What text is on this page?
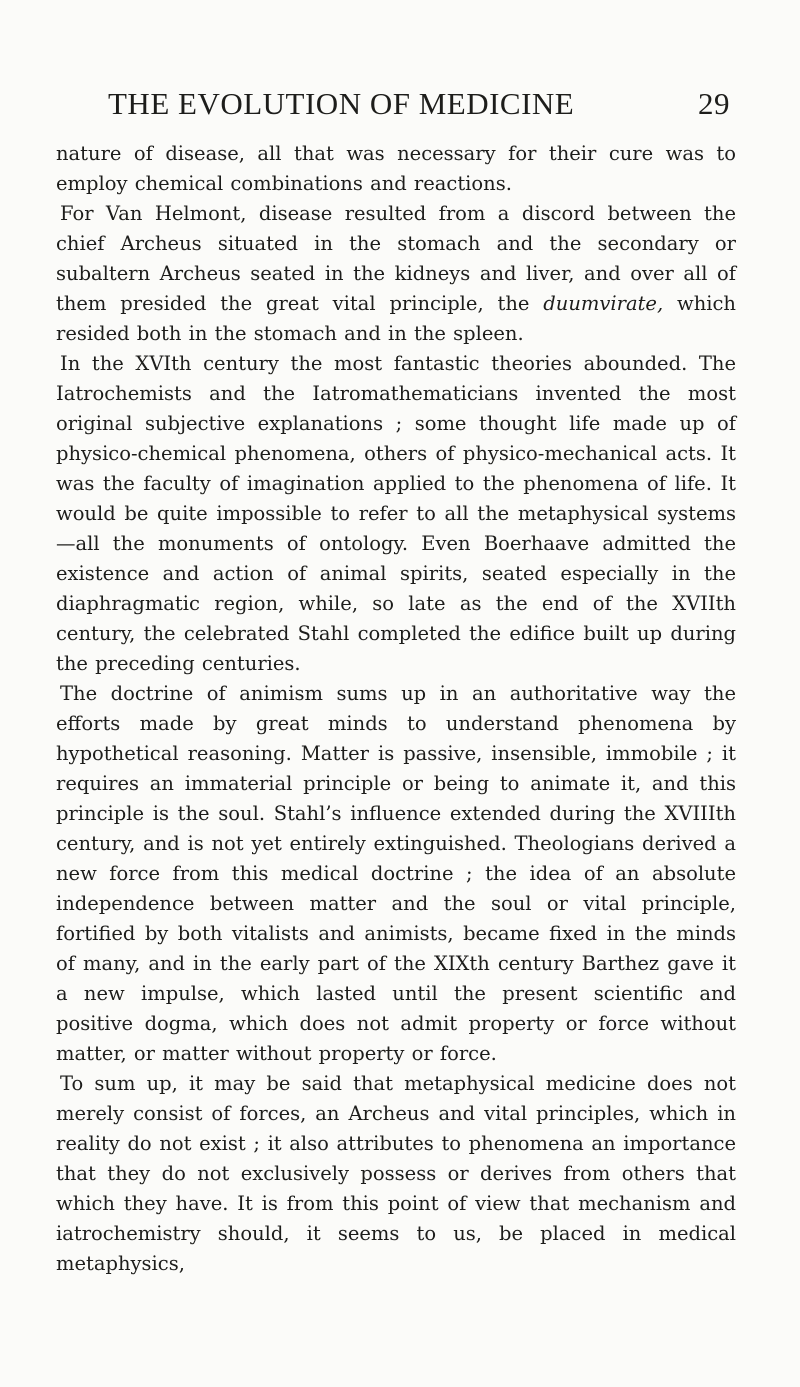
THE EVOLUTION OF MEDICINE	29

nature of disease, all that was necessary for their cure was to employ chemical combinations and reactions.

For Van Helmont, disease resulted from a discord between the chief Archeus situated in the stomach and the secondary or subaltern Archeus seated in the kidneys and liver, and over all of them presided the great vital principle, the duumvirate, which resided both in the stomach and in the spleen.

In the XVIth century the most fantastic theories abounded. The Iatrochemists and the Iatromathematicians invented the most original subjective explanations ; some thought life made up of physico-chemical phenomena, others of physico-mechanical acts. It was the faculty of imagination applied to the phenomena of life. It would be quite impossible to refer to all the metaphysical systems—all the monuments of ontology. Even Boerhaave admitted the existence and action of animal spirits, seated especially in the diaphragmatic region, while, so late as the end of the XVIIth century, the celebrated Stahl completed the edifice built up during the preceding centuries.

The doctrine of animism sums up in an authoritative way the efforts made by great minds to understand phenomena by hypothetical reasoning. Matter is passive, insensible, immobile ; it requires an immaterial principle or being to animate it, and this principle is the soul. Stahl’s influence extended during the XVIIIth century, and is not yet entirely extinguished. Theologians derived a new force from this medical doctrine ; the idea of an absolute independence between matter and the soul or vital principle, fortified by both vitalists and animists, became fixed in the minds of many, and in the early part of the XIXth century Barthez gave it a new impulse, which lasted until the present scientific and positive dogma, which does not admit property or force without matter, or matter without property or force.

To sum up, it may be said that metaphysical medicine does not merely consist of forces, an Archeus and vital principles, which in reality do not exist ; it also attributes to phenomena an importance that they do not exclusively possess or derives from others that which they have. It is from this point of view that mechanism and iatrochemistry should, it seems to us, be placed in medical metaphysics,
